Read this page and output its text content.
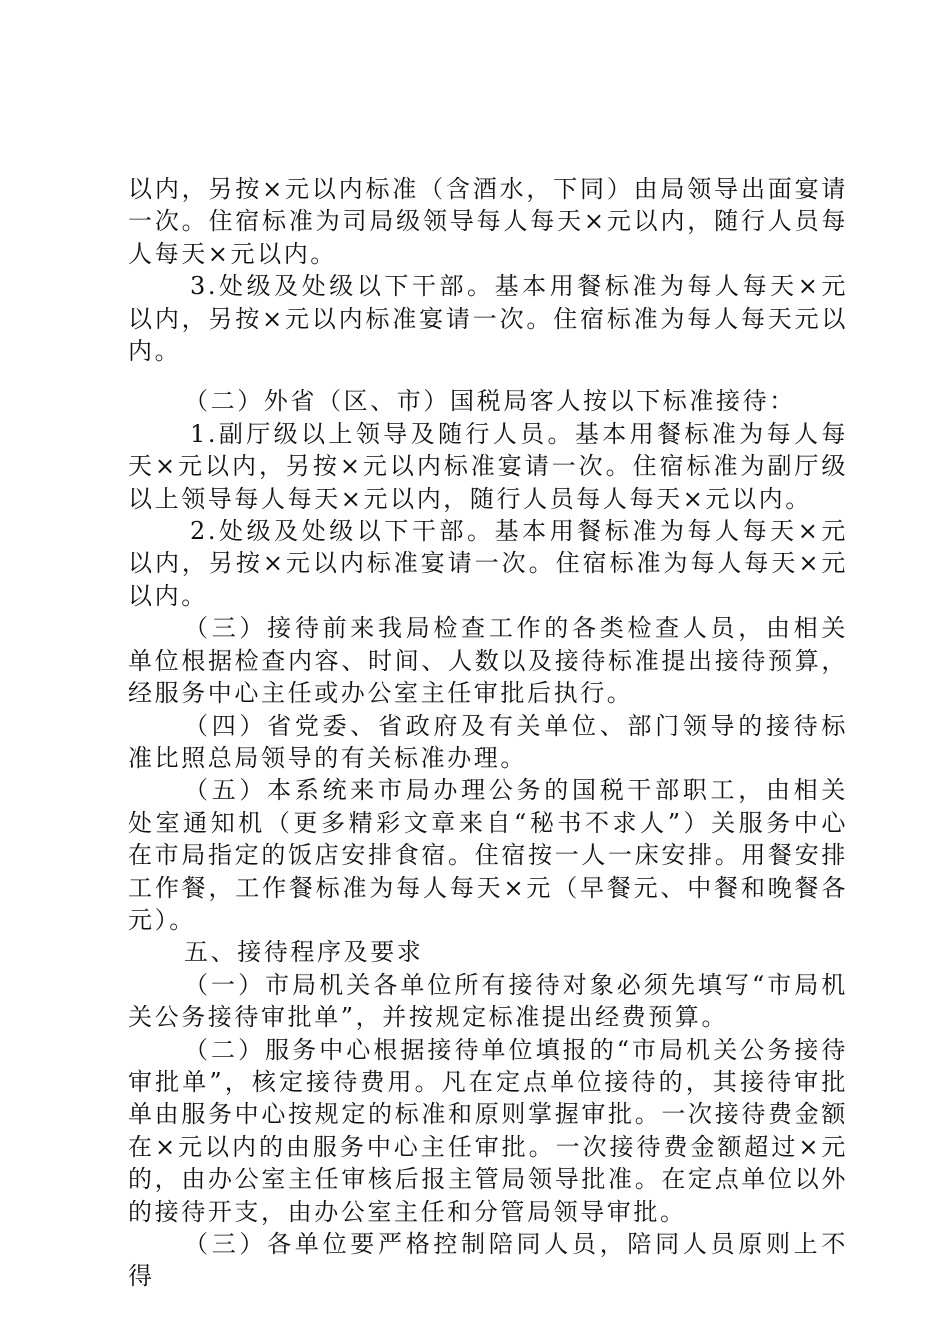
以内，另按×元以内标准（含酒水，下同）由局领导出面宴请一次。住宿标准为司局级领导每人每天×元以内，随行人员每人每天×元以内。

3.处级及处级以下干部。基本用餐标准为每人每天×元以内，另按×元以内标准宴请一次。住宿标准为每人每天元以内。

（二）外省（区、市）国税局客人按以下标准接待：

1.副厅级以上领导及随行人员。基本用餐标准为每人每天×元以内，另按×元以内标准宴请一次。住宿标准为副厅级以上领导每人每天×元以内，随行人员每人每天×元以内。

2.处级及处级以下干部。基本用餐标准为每人每天×元以内，另按×元以内标准宴请一次。住宿标准为每人每天×元以内。

（三）接待前来我局检查工作的各类检查人员，由相关单位根据检查内容、时间、人数以及接待标准提出接待预算，经服务中心主任或办公室主任审批后执行。

（四）省党委、省政府及有关单位、部门领导的接待标准比照总局领导的有关标准办理。

（五）本系统来市局办理公务的国税干部职工，由相关处室通知机（更多精彩文章来自“秘书不求人”）关服务中心在市局指定的饭店安排食宿。住宿按一人一床安排。用餐安排工作餐，工作餐标准为每人每天×元（早餐元、中餐和晚餐各元）。

五、接待程序及要求

（一）市局机关各单位所有接待对象必须先填写“市局机关公务接待审批单”，并按规定标准提出经费预算。

（二）服务中心根据接待单位填报的“市局机关公务接待审批单”，核定接待费用。凡在定点单位接待的，其接待审批单由服务中心按规定的标准和原则掌握审批。一次接待费金额在×元以内的由服务中心主任审批。一次接待费金额超过×元的，由办公室主任审核后报主管局领导批准。在定点单位以外的接待开支，由办公室主任和分管局领导审批。

（三）各单位要严格控制陪同人员，陪同人员原则上不得
